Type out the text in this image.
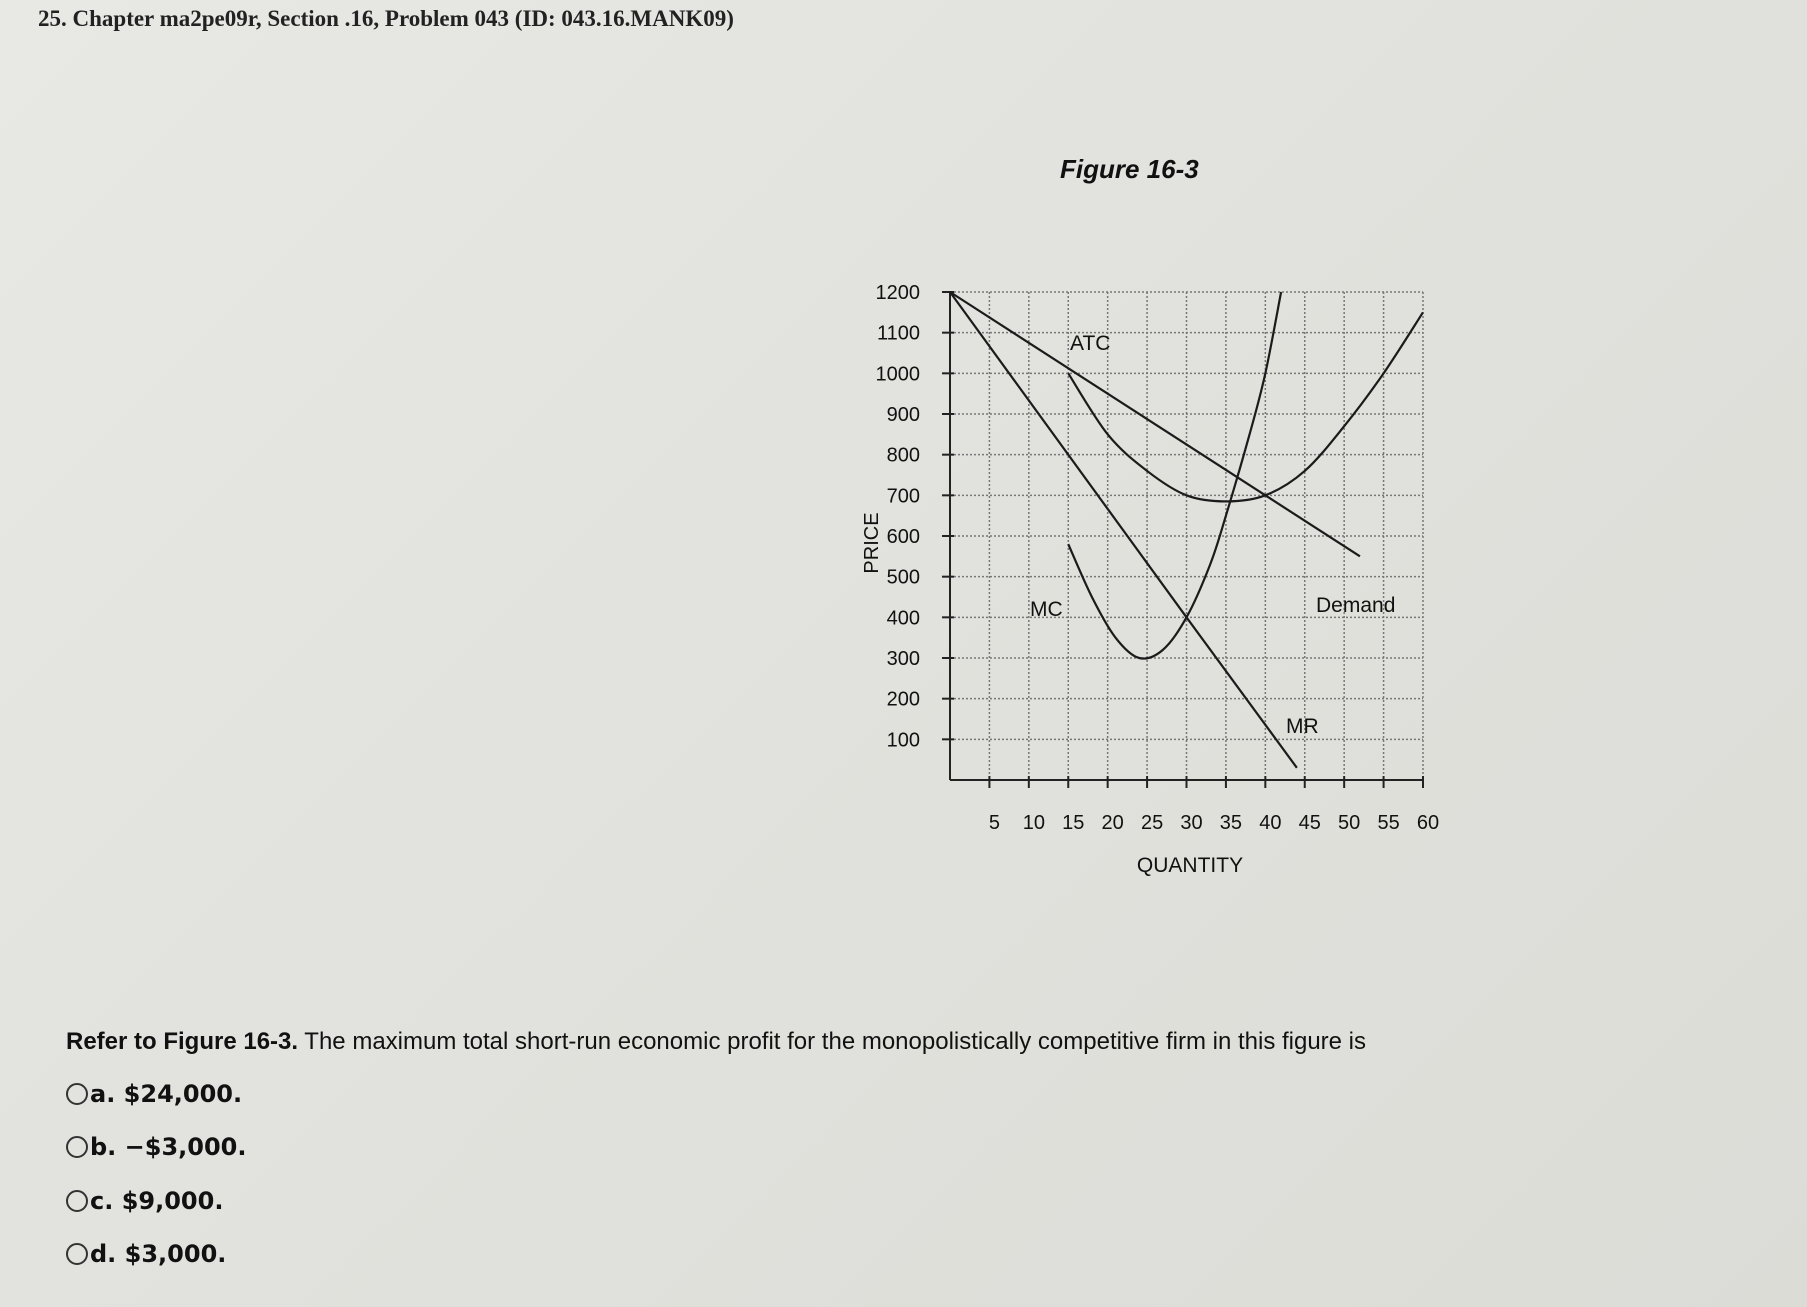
25. Chapter ma2pe09r, Section .16, Problem 043 (ID: 043.16.MANK09)
Figure 16-3
100
200
300
400
500
600
700
800
900
1000
1100
1200
5 10 15 20 25 30 35 40 45 50 55 60
Demand
MR
ATC
MC
QUANTITY
PRICE
Refer to Figure 16-3. The maximum total short-run economic profit for the monopolistically competitive firm in this figure is
a.
$24,000.
b.
−$3,000.
c.
$9,000.
d.
$3,000.
